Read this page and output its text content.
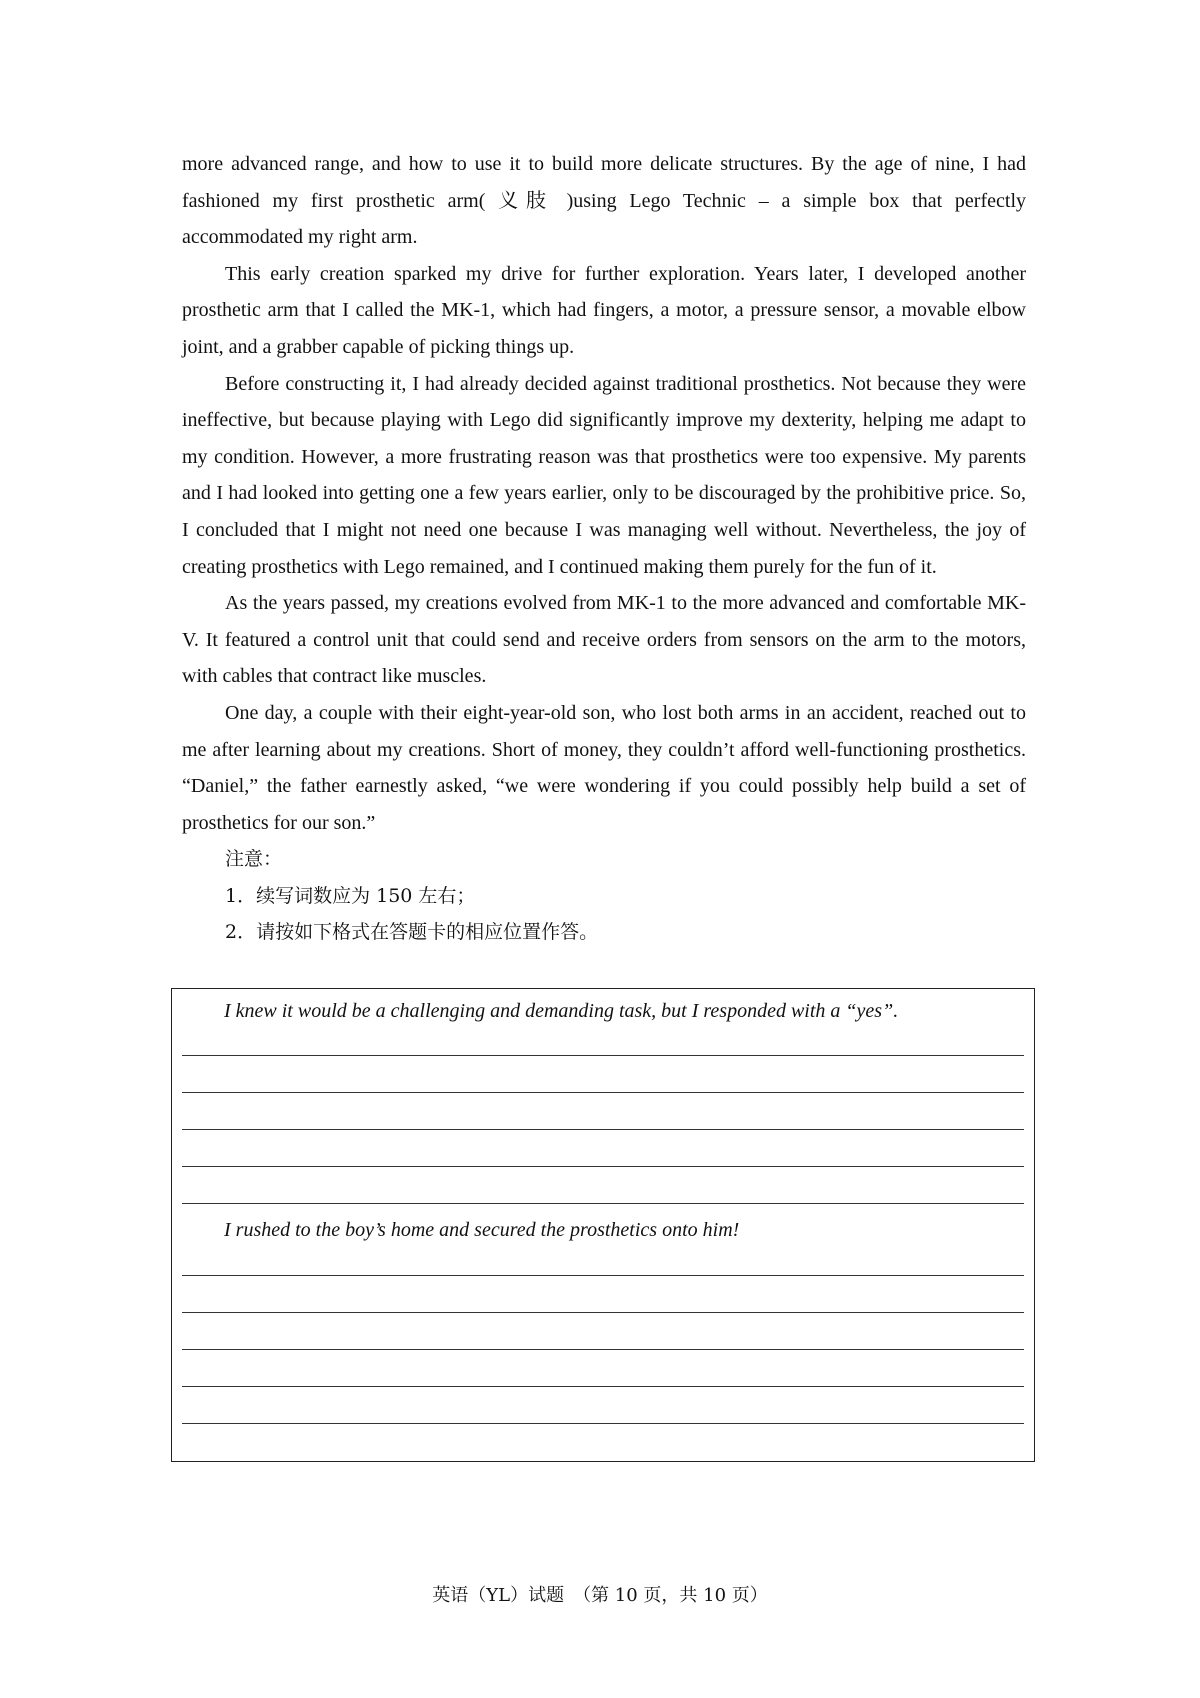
more advanced range, and how to use it to build more delicate structures. By the age of nine, I had fashioned my first prosthetic arm( 义肢 )using Lego Technic – a simple box that perfectly accommodated my right arm.

This early creation sparked my drive for further exploration. Years later, I developed another prosthetic arm that I called the MK-1, which had fingers, a motor, a pressure sensor, a movable elbow joint, and a grabber capable of picking things up.

Before constructing it, I had already decided against traditional prosthetics. Not because they were ineffective, but because playing with Lego did significantly improve my dexterity, helping me adapt to my condition. However, a more frustrating reason was that prosthetics were too expensive. My parents and I had looked into getting one a few years earlier, only to be discouraged by the prohibitive price. So, I concluded that I might not need one because I was managing well without. Nevertheless, the joy of creating prosthetics with Lego remained, and I continued making them purely for the fun of it.

As the years passed, my creations evolved from MK-1 to the more advanced and comfortable MK-V. It featured a control unit that could send and receive orders from sensors on the arm to the motors, with cables that contract like muscles.

One day, a couple with their eight-year-old son, who lost both arms in an accident, reached out to me after learning about my creations. Short of money, they couldn’t afford well-functioning prosthetics. “Daniel,” the father earnestly asked, “we were wondering if you could possibly help build a set of prosthetics for our son.”

注意：

1．续写词数应为 150 左右；

2．请按如下格式在答题卡的相应位置作答。

I knew it would be a challenging and demanding task, but I responded with a “yes”.
I rushed to the boy’s home and secured the prosthetics onto him!
英语（YL）试题　（第 10 页，共 10 页）
